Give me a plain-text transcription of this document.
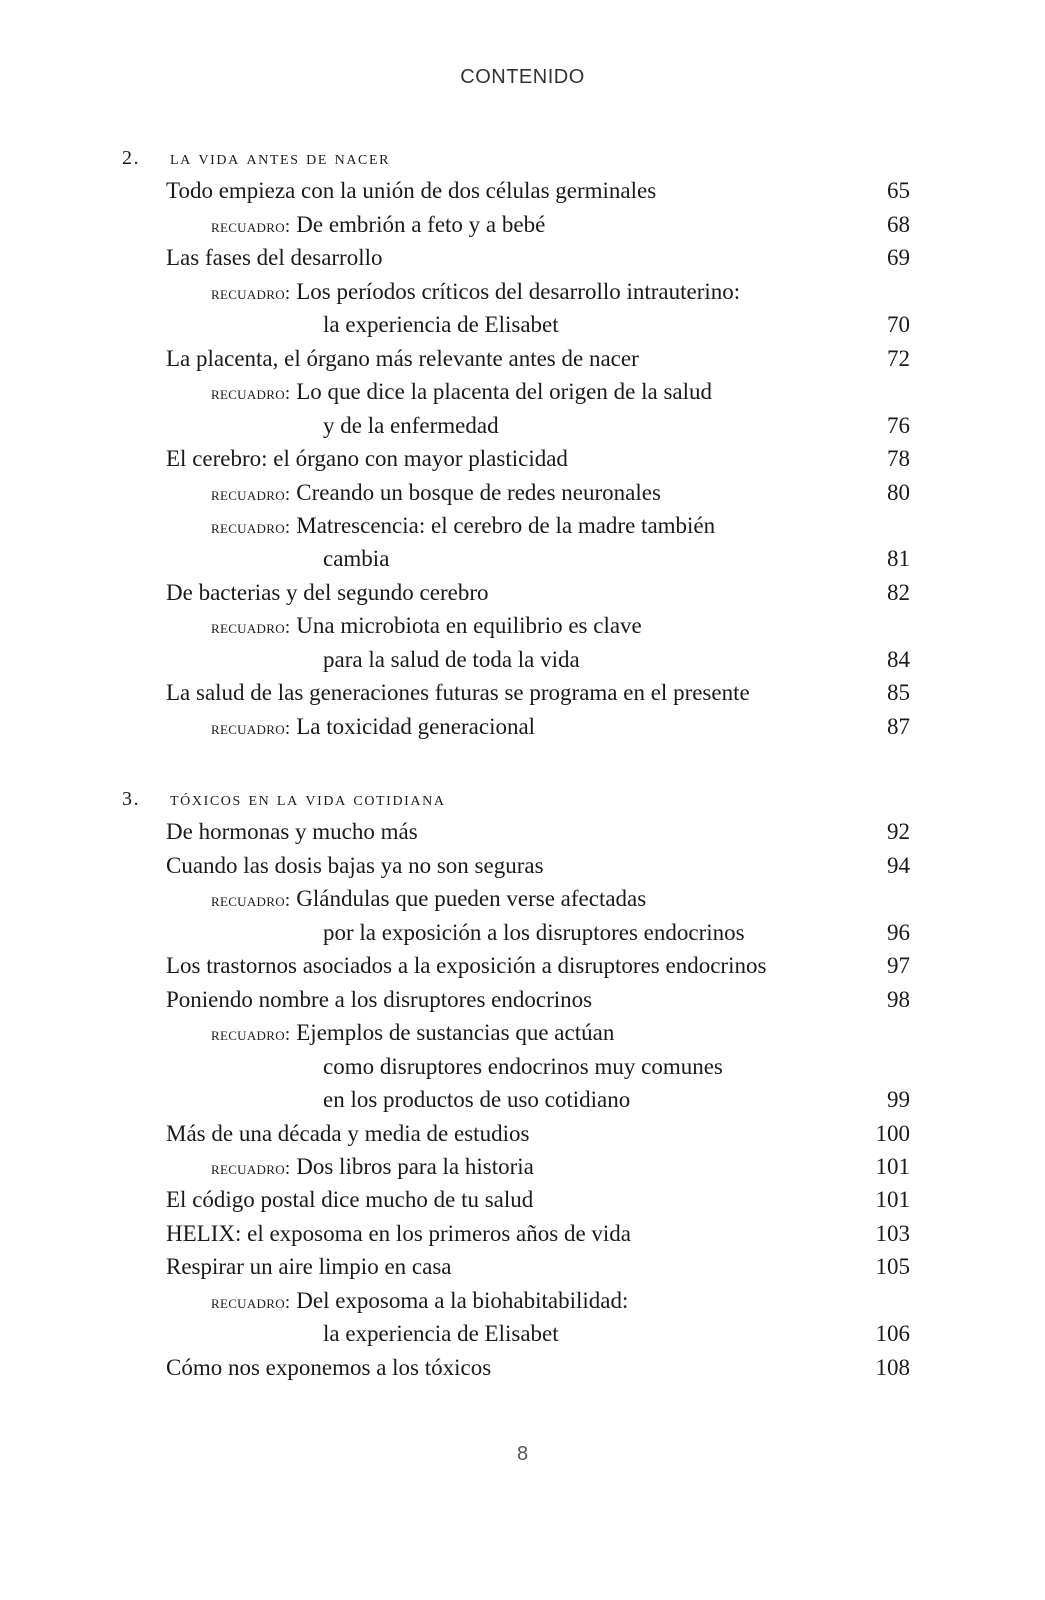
CONTENIDO
2. la vida antes de nacer
Todo empieza con la unión de dos células germinales	65
recuadro: De embrión a feto y a bebé	68
Las fases del desarrollo	69
recuadro: Los períodos críticos del desarrollo intrauterino:
la experiencia de Elisabet	70
La placenta, el órgano más relevante antes de nacer	72
recuadro: Lo que dice la placenta del origen de la salud
y de la enfermedad	76
El cerebro: el órgano con mayor plasticidad	78
recuadro: Creando un bosque de redes neuronales	80
recuadro: Matrescencia: el cerebro de la madre también
cambia	81
De bacterias y del segundo cerebro	82
recuadro: Una microbiota en equilibrio es clave
para la salud de toda la vida	84
La salud de las generaciones futuras se programa en el presente	85
recuadro: La toxicidad generacional	87
3. tóxicos en la vida cotidiana
De hormonas y mucho más	92
Cuando las dosis bajas ya no son seguras	94
recuadro: Glándulas que pueden verse afectadas
por la exposición a los disruptores endocrinos	96
Los trastornos asociados a la exposición a disruptores endocrinos	97
Poniendo nombre a los disruptores endocrinos	98
recuadro: Ejemplos de sustancias que actúan
como disruptores endocrinos muy comunes
en los productos de uso cotidiano	99
Más de una década y media de estudios	100
recuadro: Dos libros para la historia	101
El código postal dice mucho de tu salud	101
HELIX: el exposoma en los primeros años de vida	103
Respirar un aire limpio en casa	105
recuadro: Del exposoma a la biohabitabilidad:
la experiencia de Elisabet	106
Cómo nos exponemos a los tóxicos	108
8
